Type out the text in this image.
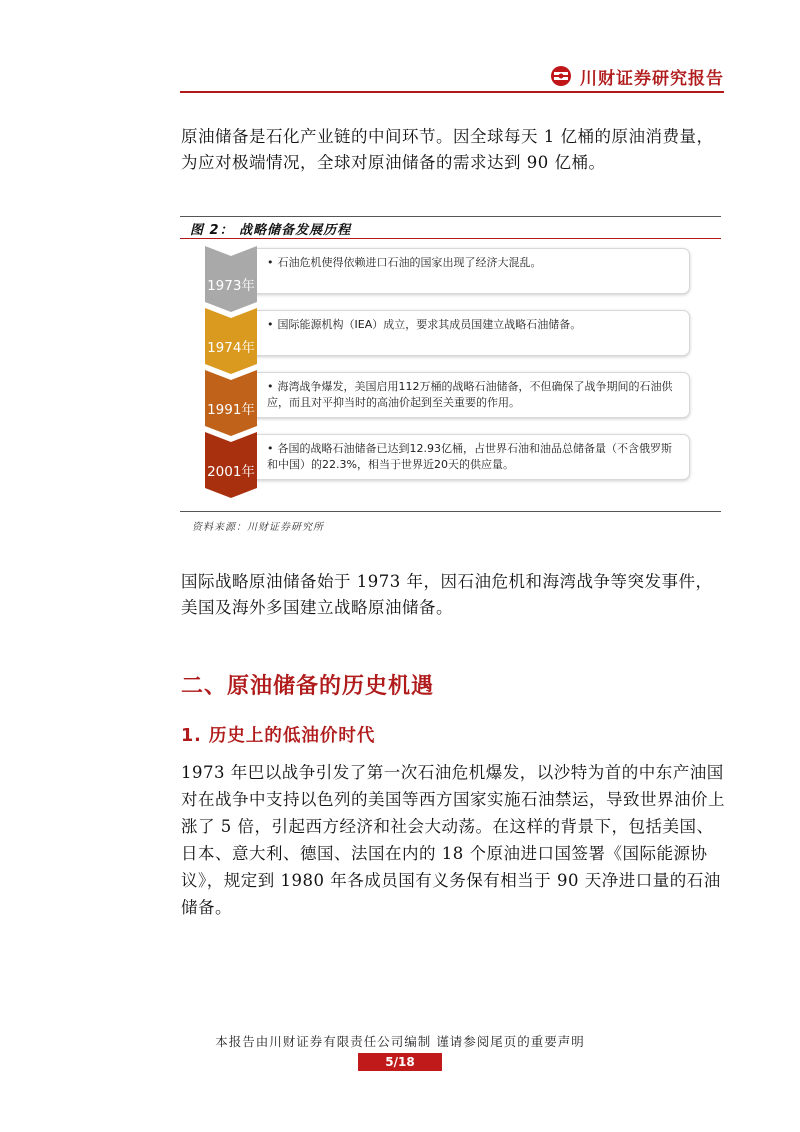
川财证券研究报告

原油储备是石化产业链的中间环节。因全球每天 1 亿桶的原油消费量，为应对极端情况，全球对原油储备的需求达到 90 亿桶。

图 2： 战略储备发展历程
• 石油危机使得依赖进口石油的国家出现了经济大混乱。
1973年
• 国际能源机构（IEA）成立，要求其成员国建立战略石油储备。
1974年
• 海湾战争爆发，美国启用112万桶的战略石油储备，不但确保了战争期间的石油供应，而且对平抑当时的高油价起到至关重要的作用。
1991年
• 各国的战略石油储备已达到12.93亿桶，占世界石油和油品总储备量（不含俄罗斯和中国）的22.3%，相当于世界近20天的供应量。
2001年
资料来源：川财证券研究所

国际战略原油储备始于 1973 年，因石油危机和海湾战争等突发事件，美国及海外多国建立战略原油储备。

二、原油储备的历史机遇
1. 历史上的低油价时代

1973 年巴以战争引发了第一次石油危机爆发，以沙特为首的中东产油国对在战争中支持以色列的美国等西方国家实施石油禁运，导致世界油价上涨了 5 倍，引起西方经济和社会大动荡。在这样的背景下，包括美国、日本、意大利、德国、法国在内的 18 个原油进口国签署《国际能源协议》，规定到 1980 年各成员国有义务保有相当于 90 天净进口量的石油储备。

本报告由川财证券有限责任公司编制 谨请参阅尾页的重要声明
5/18
